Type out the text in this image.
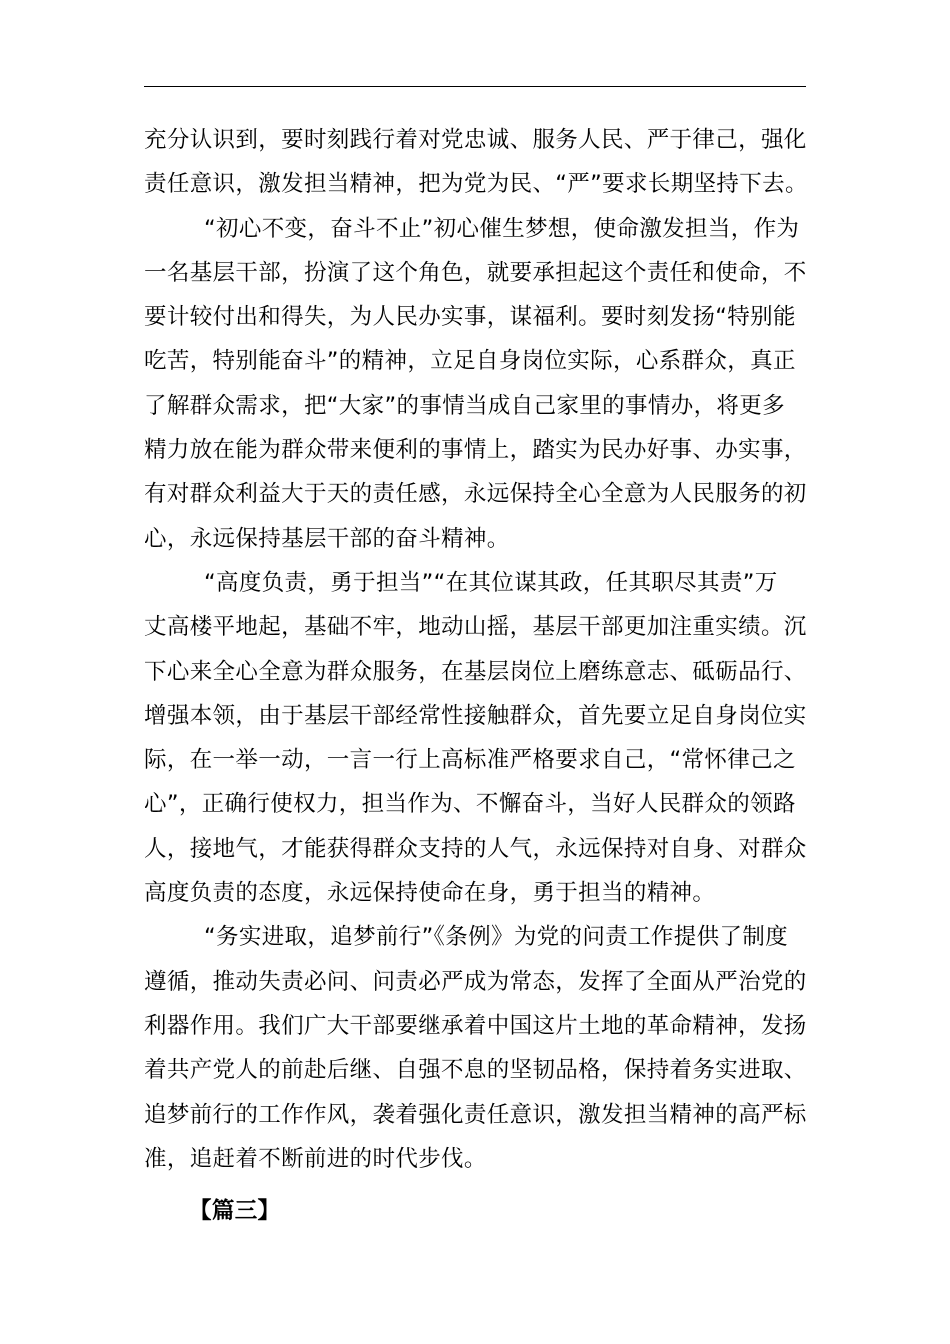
充分认识到，要时刻践行着对党忠诚、服务人民、严于律己，强化
责任意识，激发担当精神，把为党为民、“严”要求长期坚持下去。
“初心不变，奋斗不止”初心催生梦想，使命激发担当，作为
一名基层干部，扮演了这个角色，就要承担起这个责任和使命，不
要计较付出和得失，为人民办实事，谋福利。要时刻发扬“特别能
吃苦，特别能奋斗”的精神，立足自身岗位实际，心系群众，真正
了解群众需求，把“大家”的事情当成自己家里的事情办，将更多
精力放在能为群众带来便利的事情上，踏实为民办好事、办实事，
有对群众利益大于天的责任感，永远保持全心全意为人民服务的初
心，永远保持基层干部的奋斗精神。
“高度负责，勇于担当”“在其位谋其政，任其职尽其责”万
丈高楼平地起，基础不牢，地动山摇，基层干部更加注重实绩。沉
下心来全心全意为群众服务，在基层岗位上磨练意志、砥砺品行、
增强本领，由于基层干部经常性接触群众，首先要立足自身岗位实
际，在一举一动，一言一行上高标准严格要求自己，“常怀律己之
心”，正确行使权力，担当作为、不懈奋斗，当好人民群众的领路
人，接地气，才能获得群众支持的人气，永远保持对自身、对群众
高度负责的态度，永远保持使命在身，勇于担当的精神。
“务实进取，追梦前行”《条例》为党的问责工作提供了制度
遵循，推动失责必问、问责必严成为常态，发挥了全面从严治党的
利器作用。我们广大干部要继承着中国这片土地的革命精神，发扬
着共产党人的前赴后继、自强不息的坚韧品格，保持着务实进取、
追梦前行的工作作风，袭着强化责任意识，激发担当精神的高严标
准，追赶着不断前进的时代步伐。
【篇三】
